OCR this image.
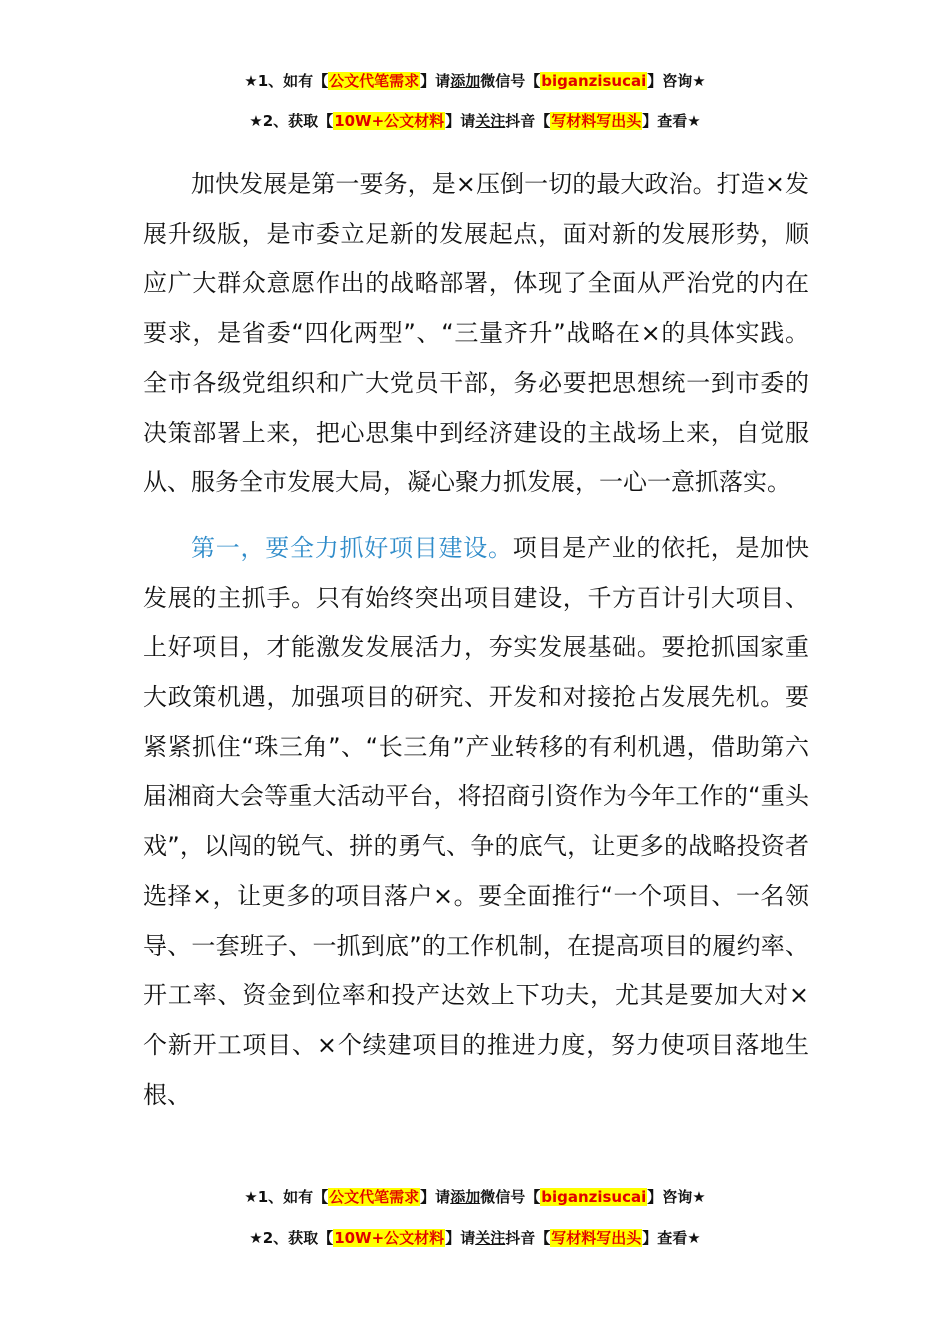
★1、如有【公文代笔需求】请添加微信号【biganzisucai】咨询★
★2、获取【10W+公文材料】请关注抖音【写材料写出头】查看★

加快发展是第一要务，是×压倒一切的最大政治。打造×发展升级版，是市委立足新的发展起点，面对新的发展形势，顺应广大群众意愿作出的战略部署，体现了全面从严治党的内在要求，是省委“四化两型”、“三量齐升”战略在×的具体实践。全市各级党组织和广大党员干部，务必要把思想统一到市委的决策部署上来，把心思集中到经济建设的主战场上来，自觉服从、服务全市发展大局，凝心聚力抓发展，一心一意抓落实。

第一，要全力抓好项目建设。项目是产业的依托，是加快发展的主抓手。只有始终突出项目建设，千方百计引大项目、上好项目，才能激发发展活力，夯实发展基础。要抢抓国家重大政策机遇，加强项目的研究、开发和对接抢占发展先机。要紧紧抓住“珠三角”、“长三角”产业转移的有利机遇，借助第六届湘商大会等重大活动平台，将招商引资作为今年工作的“重头戏”，以闯的锐气、拼的勇气、争的底气，让更多的战略投资者选择×，让更多的项目落户×。要全面推行“一个项目、一名领导、一套班子、一抓到底”的工作机制，在提高项目的履约率、开工率、资金到位率和投产达效上下功夫，尤其是要加大对×个新开工项目、×个续建项目的推进力度，努力使项目落地生根、

★1、如有【公文代笔需求】请添加微信号【biganzisucai】咨询★
★2、获取【10W+公文材料】请关注抖音【写材料写出头】查看★
